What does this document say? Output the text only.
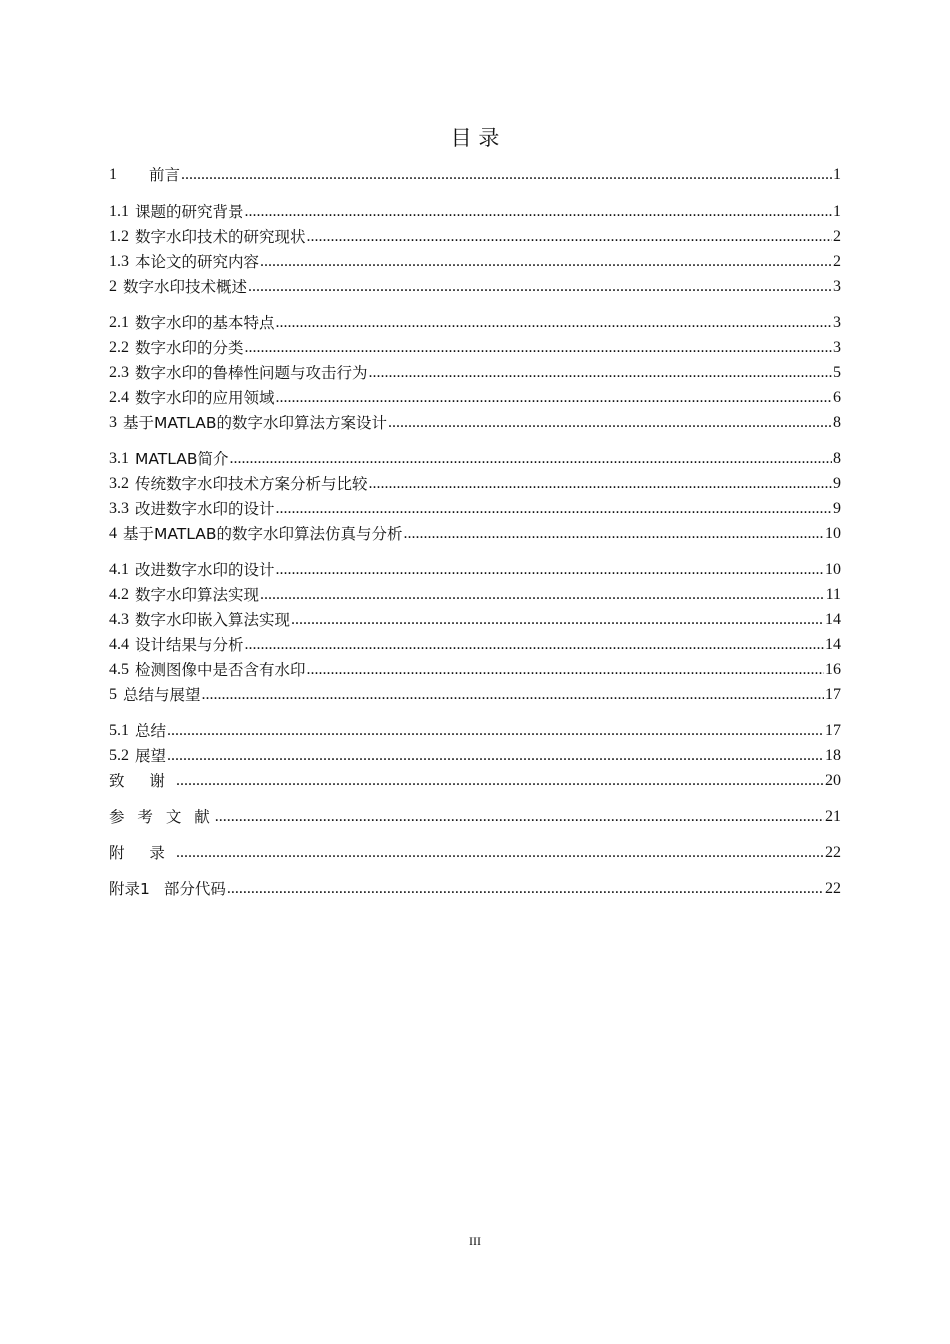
目 录
1	前言 .....	1
1.1 课题的研究背景 .....	1
1.2 数字水印技术的研究现状 .....	2
1.3 本论文的研究内容 .....	2
2 数字水印技术概述 .....	3
2.1 数字水印的基本特点 .....	3
2.2 数字水印的分类 .....	3
2.3 数字水印的鲁棒性问题与攻击行为 .....	5
2.4 数字水印的应用领域 .....	6
3 基于MATLAB的数字水印算法方案设计 .....	8
3.1 MATLAB简介 .....	8
3.2 传统数字水印技术方案分析与比较 .....	9
3.3 改进数字水印的设计 .....	9
4 基于MATLAB的数字水印算法仿真与分析 .....	10
4.1 改进数字水印的设计 .....	10
4.2 数字水印算法实现 .....	11
4.3 数字水印嵌入算法实现 .....	14
4.4 设计结果与分析 .....	14
4.5 检测图像中是否含有水印 .....	16
5 总结与展望 .....	17
5.1 总结 .....	17
5.2 展望 .....	18
致 谢 .....	20
参 考 文 献 .....	21
附 录 .....	22
附录1 部分代码 .....	22
III
